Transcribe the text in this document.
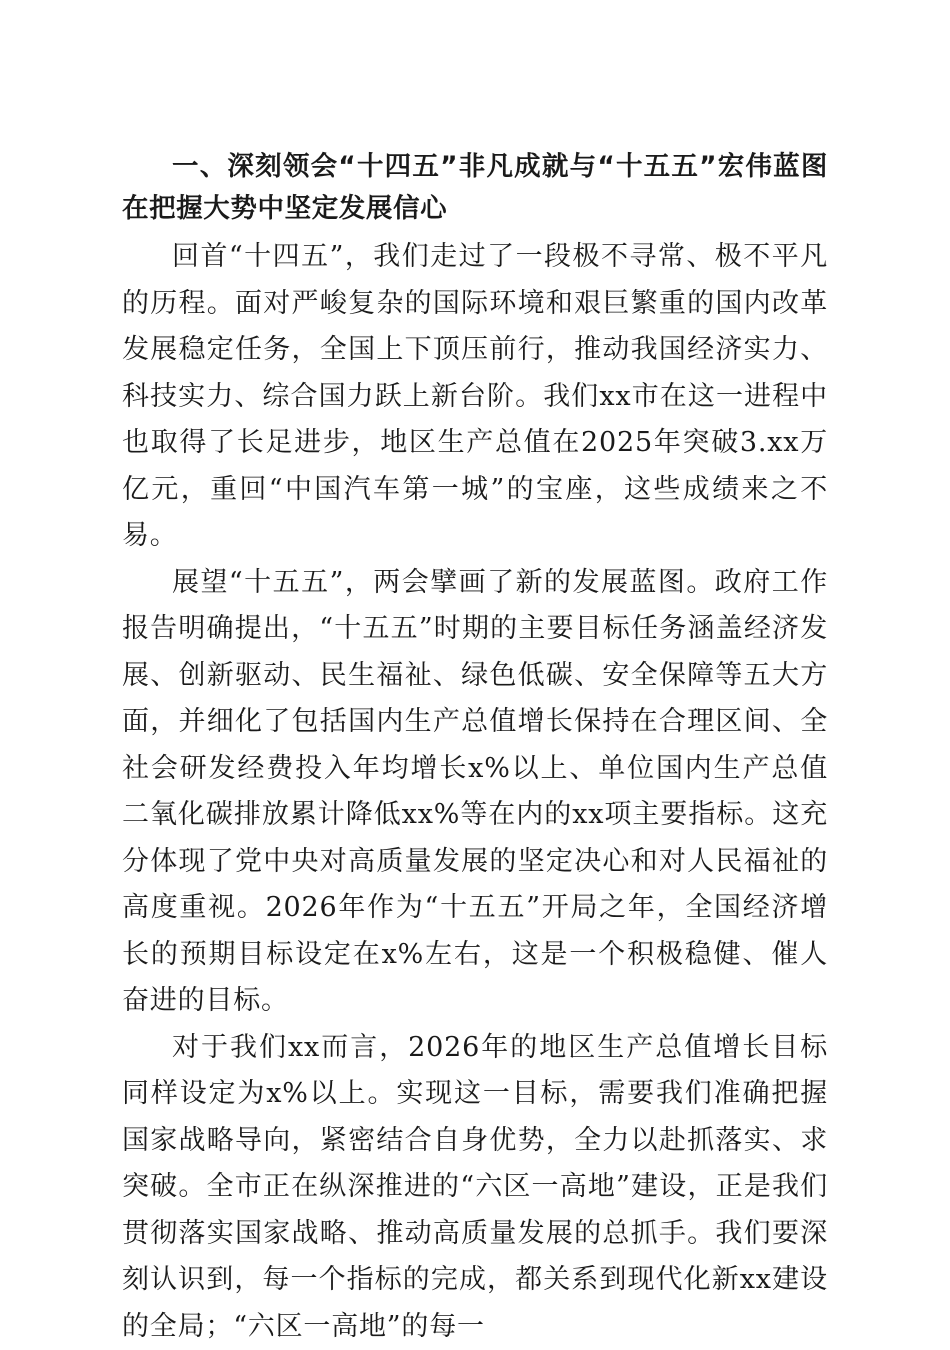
一、深刻领会“十四五”非凡成就与“十五五”宏伟蓝图在把握大势中坚定发展信心

回首“十四五”，我们走过了一段极不寻常、极不平凡的历程。面对严峻复杂的国际环境和艰巨繁重的国内改革发展稳定任务，全国上下顶压前行，推动我国经济实力、科技实力、综合国力跃上新台阶。我们xx市在这一进程中也取得了长足进步，地区生产总值在2025年突破3.xx万亿元，重回“中国汽车第一城”的宝座，这些成绩来之不易。

展望“十五五”，两会擘画了新的发展蓝图。政府工作报告明确提出，“十五五”时期的主要目标任务涵盖经济发展、创新驱动、民生福祉、绿色低碳、安全保障等五大方面，并细化了包括国内生产总值增长保持在合理区间、全社会研发经费投入年均增长x%以上、单位国内生产总值二氧化碳排放累计降低xx%等在内的xx项主要指标。这充分体现了党中央对高质量发展的坚定决心和对人民福祉的高度重视。2026年作为“十五五”开局之年，全国经济增长的预期目标设定在x%左右，这是一个积极稳健、催人奋进的目标。

对于我们xx而言，2026年的地区生产总值增长目标同样设定为x%以上。实现这一目标，需要我们准确把握国家战略导向，紧密结合自身优势，全力以赴抓落实、求突破。全市正在纵深推进的“六区一高地”建设，正是我们贯彻落实国家战略、推动高质量发展的总抓手。我们要深刻认识到，每一个指标的完成，都关系到现代化新xx建设的全局；“六区一高地”的每一
